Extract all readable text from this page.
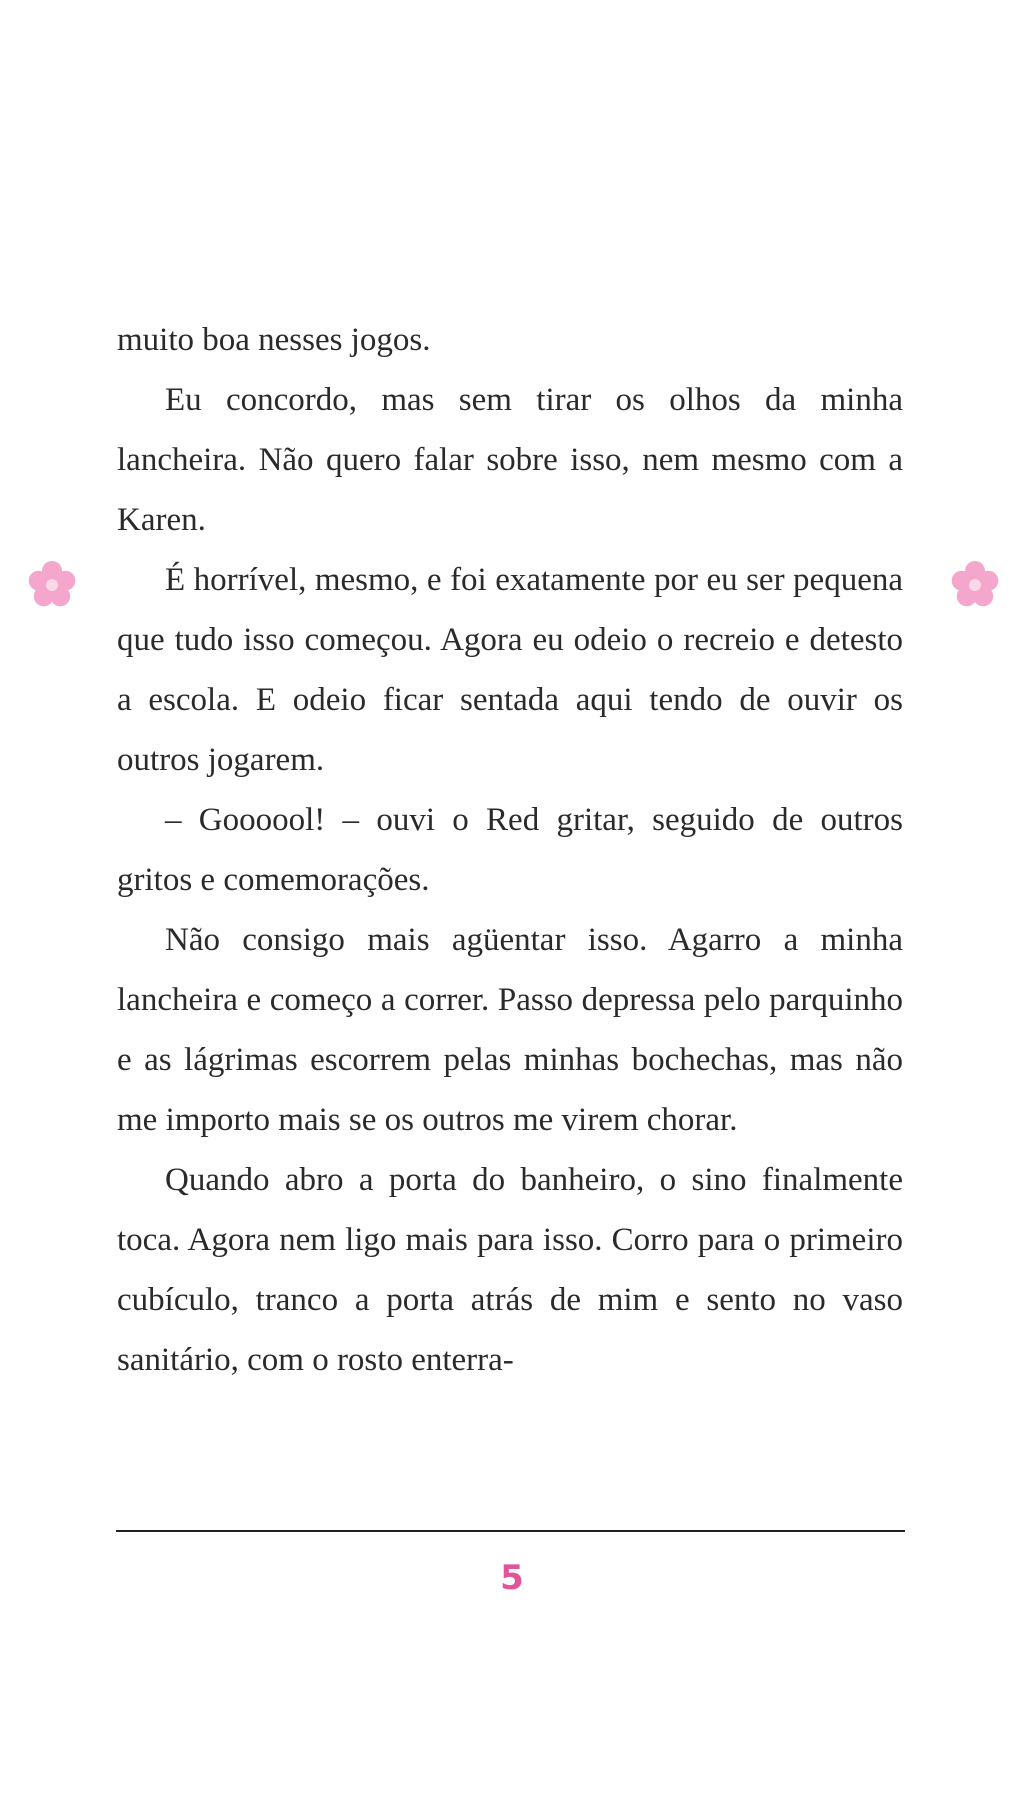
muito boa nesses jogos.

Eu concordo, mas sem tirar os olhos da minha lancheira. Não quero falar sobre isso, nem mesmo com a Karen.

É horrível, mesmo, e foi exatamente por eu ser pequena que tudo isso começou. Agora eu odeio o recreio e detesto a escola. E odeio ficar sentada aqui tendo de ouvir os outros jogarem.

– Goooool! – ouvi o Red gritar, seguido de outros gritos e comemorações.

Não consigo mais agüentar isso. Agarro a minha lancheira e começo a correr. Passo depressa pelo parquinho e as lágrimas escorrem pelas minhas bochechas, mas não me importo mais se os outros me virem chorar.

Quando abro a porta do banheiro, o sino finalmente toca. Agora nem ligo mais para isso. Corro para o primeiro cubículo, tranco a porta atrás de mim e sento no vaso sanitário, com o rosto enterra-

5
